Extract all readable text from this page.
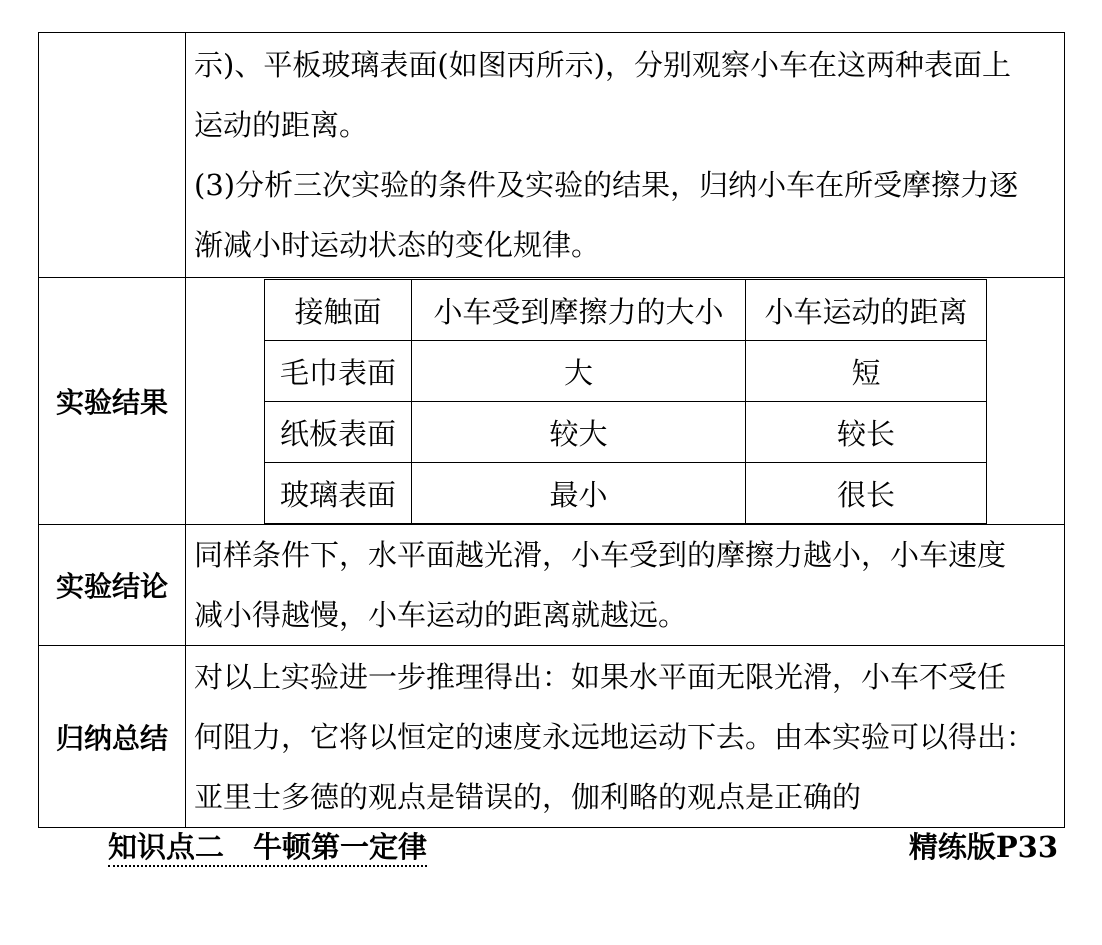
示)、平板玻璃表面(如图丙所示)，分别观察小车在这两种表面上

运动的距离。

(3)分析三次实验的条件及实验的结果，归纳小车在所受摩擦力逐

渐减小时运动状态的变化规律。

实验结果	
接触面	小车受到摩擦力的大小	小车运动的距离
毛巾表面	大	短
纸板表面	较大	较长
玻璃表面	最小	很长

实验结论	

同样条件下，水平面越光滑，小车受到的摩擦力越小，小车速度

减小得越慢，小车运动的距离就越远。

归纳总结	

对以上实验进一步推理得出：如果水平面无限光滑，小车不受任

何阻力，它将以恒定的速度永远地运动下去。由本实验可以得出：

亚里士多德的观点是错误的，伽利略的观点是正确的

知识点二　牛顿第一定律	精练版P33
